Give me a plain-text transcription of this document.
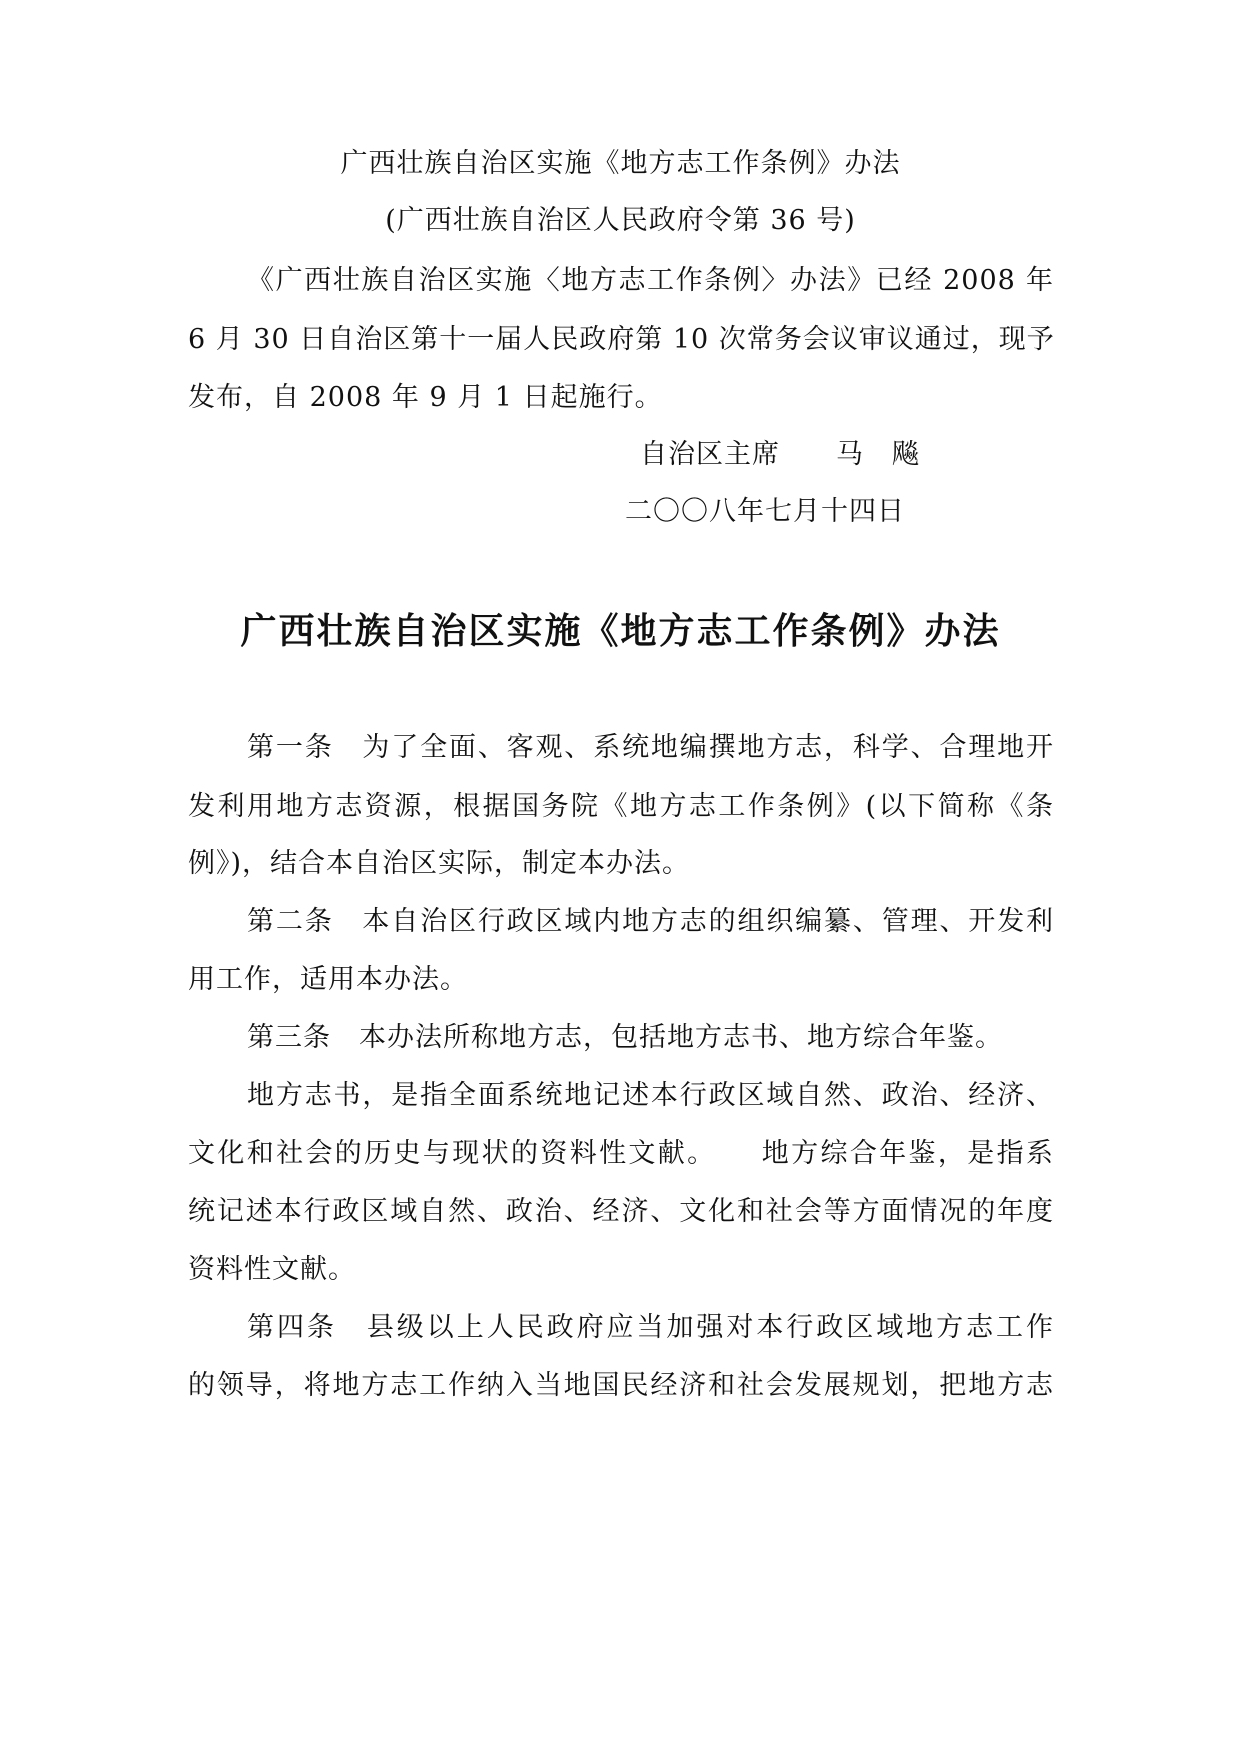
广西壮族自治区实施《地方志工作条例》办法
(广西壮族自治区人民政府令第 36 号)
《广西壮族自治区实施〈地方志工作条例〉办法》已经 2008 年
6 月 30 日自治区第十一届人民政府第 10 次常务会议审议通过，现予
发布，自 2008 年 9 月 1 日起施行。
自治区主席　　马　飚
二〇〇八年七月十四日
广西壮族自治区实施《地方志工作条例》办法
第一条　为了全面、客观、系统地编撰地方志，科学、合理地开
发利用地方志资源，根据国务院《地方志工作条例》(以下简称《条
例》)，结合本自治区实际，制定本办法。
第二条　本自治区行政区域内地方志的组织编纂、管理、开发利
用工作，适用本办法。
第三条　本办法所称地方志，包括地方志书、地方综合年鉴。
地方志书，是指全面系统地记述本行政区域自然、政治、经济、
文化和社会的历史与现状的资料性文献。　　地方综合年鉴，是指系
统记述本行政区域自然、政治、经济、文化和社会等方面情况的年度
资料性文献。
第四条　县级以上人民政府应当加强对本行政区域地方志工作
的领导，将地方志工作纳入当地国民经济和社会发展规划，把地方志
